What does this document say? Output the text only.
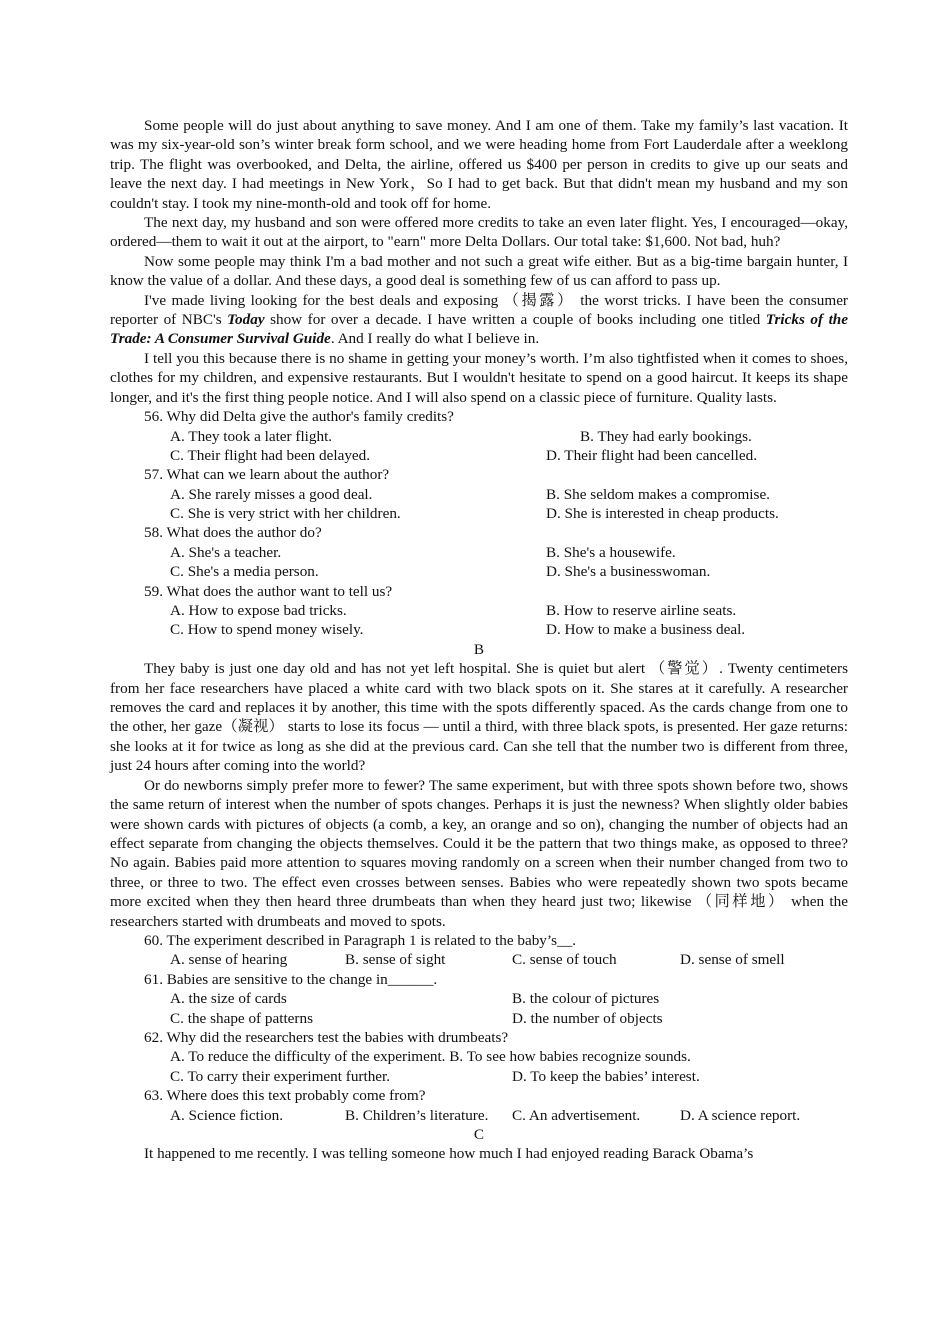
Some people will do just about anything to save money. And I am one of them. Take my family’s last vacation. It was my six-year-old son’s winter break form school, and we were heading home from Fort Lauderdale after a weeklong trip. The flight was overbooked, and Delta, the airline, offered us $400 per person in credits to give up our seats and leave the next day. I had meetings in New York，So I had to get back. But that didn't mean my husband and my son couldn't stay. I took my nine-month-old and took off for home.

The next day, my husband and son were offered more credits to take an even later flight. Yes, I encouraged—okay, ordered—them to wait it out at the airport, to "earn" more Delta Dollars. Our total take: $1,600. Not bad, huh?

Now some people may think I'm a bad mother and not such a great wife either. But as a big-time bargain hunter, I know the value of a dollar. And these days, a good deal is something few of us can afford to pass up.

I've made living looking for the best deals and exposing （揭露） the worst tricks. I have been the consumer reporter of NBC's Today show for over a decade. I have written a couple of books including one titled Tricks of the Trade: A Consumer Survival Guide. And I really do what I believe in.

I tell you this because there is no shame in getting your money’s worth. I’m also tightfisted when it comes to shoes, clothes for my children, and expensive restaurants. But I wouldn't hesitate to spend on a good haircut. It keeps its shape longer, and it's the first thing people notice. And I will also spend on a classic piece of furniture. Quality lasts.

56. Why did Delta give the author's family credits?
A. They took a later flight.	B. They had early bookings.
C. Their flight had been delayed.	D. Their flight had been cancelled.
57. What can we learn about the author?
A. She rarely misses a good deal.	B. She seldom makes a compromise.
C. She is very strict with her children.	D. She is interested in cheap products.
58. What does the author do?
A. She's a teacher.	B. She's a housewife.
C. She's a media person.	D. She's a businesswoman.
59. What does the author want to tell us?
A. How to expose bad tricks.	B. How to reserve airline seats.
C. How to spend money wisely.	D. How to make a business deal.
B

They baby is just one day old and has not yet left hospital. She is quiet but alert （警觉）. Twenty centimeters from her face researchers have placed a white card with two black spots on it. She stares at it carefully. A researcher removes the card and replaces it by another, this time with the spots differently spaced. As the cards change from one to the other, her gaze（凝视） starts to lose its focus — until a third, with three black spots, is presented. Her gaze returns: she looks at it for twice as long as she did at the previous card. Can she tell that the number two is different from three, just 24 hours after coming into the world?

Or do newborns simply prefer more to fewer? The same experiment, but with three spots shown before two, shows the same return of interest when the number of spots changes. Perhaps it is just the newness? When slightly older babies were shown cards with pictures of objects (a comb, a key, an orange and so on), changing the number of objects had an effect separate from changing the objects themselves. Could it be the pattern that two things make, as opposed to three? No again. Babies paid more attention to squares moving randomly on a screen when their number changed from two to three, or three to two. The effect even crosses between senses. Babies who were repeatedly shown two spots became more excited when they then heard three drumbeats than when they heard just two; likewise （同样地） when the researchers started with drumbeats and moved to spots.

60. The experiment described in Paragraph 1 is related to the baby’s__.
A. sense of hearing	B. sense of sight	C. sense of touch	D. sense of smell
61. Babies are sensitive to the change in______.
A. the size of cards	B. the colour of pictures
C. the shape of patterns	D. the number of objects
62. Why did the researchers test the babies with drumbeats?
A. To reduce the difficulty of the experiment. B. To see how babies recognize sounds.
C. To carry their experiment further.	D. To keep the babies’ interest.
63. Where does this text probably come from?
A. Science fiction.	B. Children’s literature. C. An advertisement.	D. A science report.
C

It happened to me recently. I was telling someone how much I had enjoyed reading Barack Obama’s
